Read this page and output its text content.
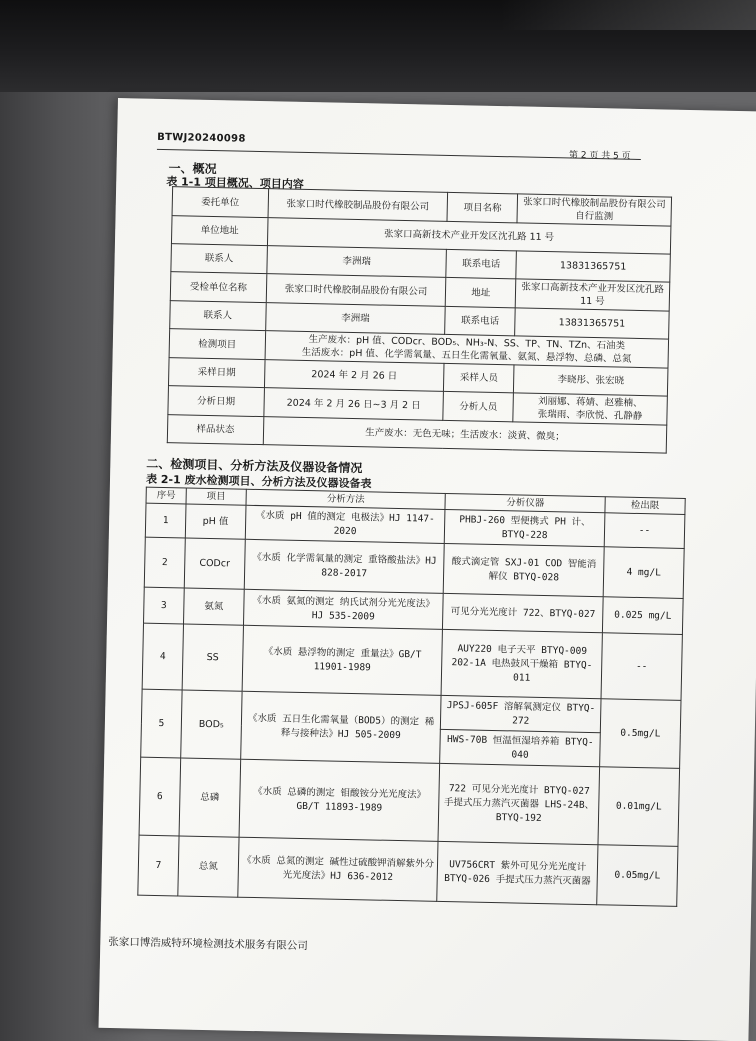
BTWJ20240098
第 2 页 共 5 页
一、概况
表 1-1 项目概况、项目内容
委托单位	张家口时代橡胶制品股份有限公司	项目名称	张家口时代橡胶制品股份有限公司自行监测
单位地址	张家口高新技术产业开发区沈孔路 11 号		
联系人	李洲瑞	联系电话	13831365751
受检单位名称	张家口时代橡胶制品股份有限公司	地址	张家口高新技术产业开发区沈孔路 11 号
联系人	李洲瑞	联系电话	13831365751
检测项目	生产废水：pH 值、CODcr、BOD₅、NH₃-N、SS、TP、TN、TZn、石油类
生活废水：pH 值、化学需氧量、五日生化需氧量、氨氮、悬浮物、总磷、总氮		

采样日期	2024 年 2 月 26 日	采样人员	李晓彤、张宏晓
分析日期	2024 年 2 月 26 日~3 月 2 日	分析人员	刘丽娜、蒋婧、赵雅楠、
张瑞雨、李欣悦、孔静静

样品状态	生产废水：无色无味；生活废水：淡黄、微臭；		
二、检测项目、分析方法及仪器设备情况
表 2-1 废水检测项目、分析方法及仪器设备表
序号	项目	分析方法	分析仪器	检出限
1	pH 值	《水质 pH 值的测定 电极法》HJ 1147-2020	PHBJ-260 型便携式 PH 计、BTYQ-228	--
2	CODcr	《水质 化学需氧量的测定 重铬酸盐法》HJ 828-2017	酸式滴定管 SXJ-01 COD 智能消解仪 BTYQ-028	4 mg/L
3	氨氮	《水质 氨氮的测定 纳氏试剂分光光度法》HJ 535-2009	可见分光光度计 722、BTYQ-027	0.025 mg/L
4	SS	《水质 悬浮物的测定 重量法》GB/T 11901-1989	AUY220 电子天平 BTYQ-009 202-1A 电热鼓风干燥箱 BTYQ-011	--
5	BOD₅	《水质 五日生化需氧量（BOD5）的测定 稀释与接种法》HJ 505-2009	JPSJ-605F 溶解氧测定仪 BTYQ-272	0.5mg/L
			HWS-70B 恒温恒湿培养箱 BTYQ-040	
6	总磷	《水质 总磷的测定 钼酸铵分光光度法》GB/T 11893-1989	722 可见分光光度计 BTYQ-027 手提式压力蒸汽灭菌器 LHS-24B、BTYQ-192	0.01mg/L
7	总氮	《水质 总氮的测定 碱性过硫酸钾消解紫外分光光度法》HJ 636-2012	UV756CRT 紫外可见分光光度计 BTYQ-026 手提式压力蒸汽灭菌器	0.05mg/L
张家口博浩威特环境检测技术服务有限公司
